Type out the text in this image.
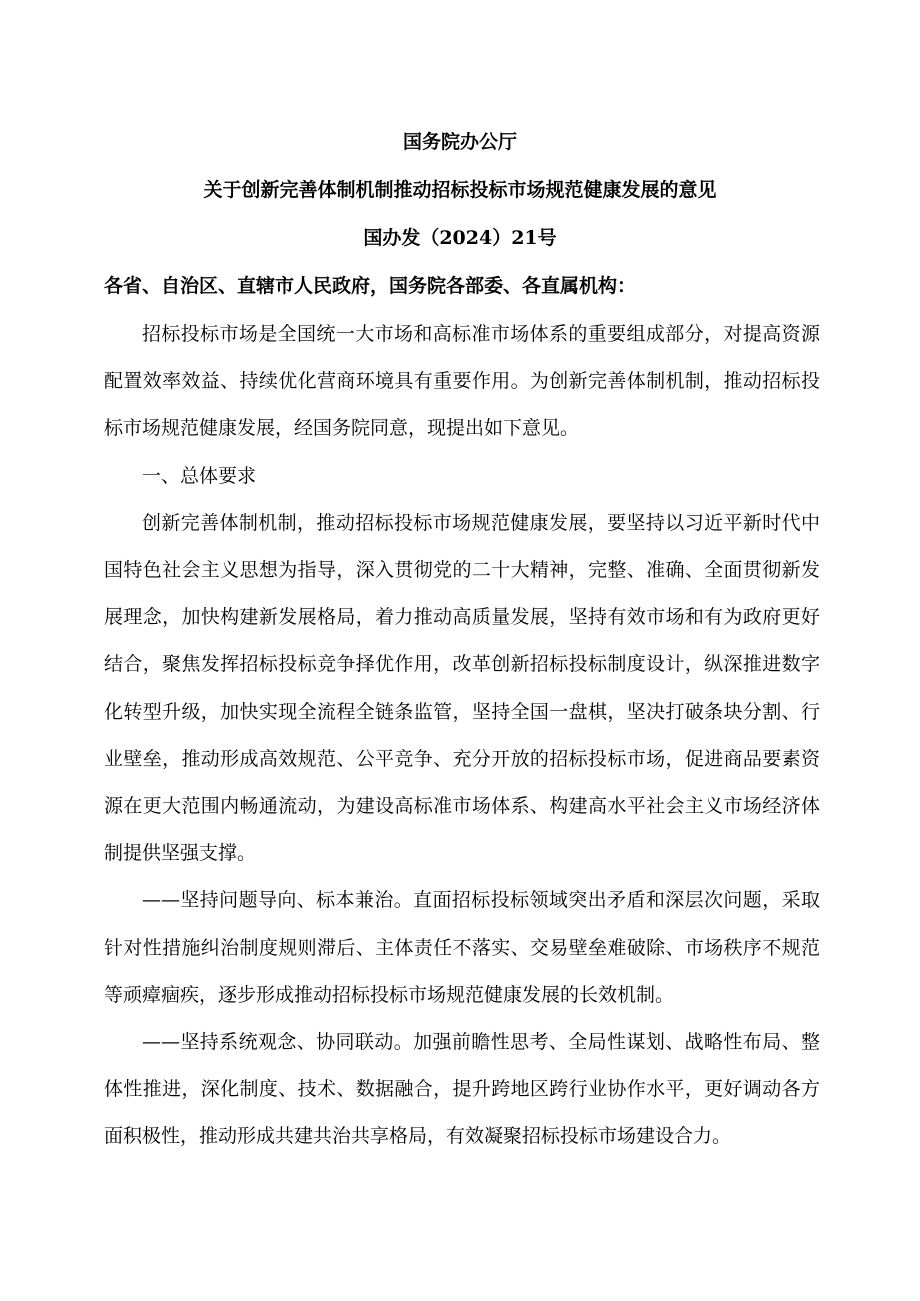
国务院办公厅
关于创新完善体制机制推动招标投标市场规范健康发展的意见
国办发（2024）21号
各省、自治区、直辖市人民政府，国务院各部委、各直属机构：

招标投标市场是全国统一大市场和高标准市场体系的重要组成部分，对提高资源配置效率效益、持续优化营商环境具有重要作用。为创新完善体制机制，推动招标投标市场规范健康发展，经国务院同意，现提出如下意见。

一、总体要求

创新完善体制机制，推动招标投标市场规范健康发展，要坚持以习近平新时代中国特色社会主义思想为指导，深入贯彻党的二十大精神，完整、准确、全面贯彻新发展理念，加快构建新发展格局，着力推动高质量发展，坚持有效市场和有为政府更好结合，聚焦发挥招标投标竞争择优作用，改革创新招标投标制度设计，纵深推进数字化转型升级，加快实现全流程全链条监管，坚持全国一盘棋，坚决打破条块分割、行业壁垒，推动形成高效规范、公平竞争、充分开放的招标投标市场，促进商品要素资源在更大范围内畅通流动，为建设高标准市场体系、构建高水平社会主义市场经济体制提供坚强支撑。

——坚持问题导向、标本兼治。直面招标投标领域突出矛盾和深层次问题，采取针对性措施纠治制度规则滞后、主体责任不落实、交易壁垒难破除、市场秩序不规范等顽瘴痼疾，逐步形成推动招标投标市场规范健康发展的长效机制。

——坚持系统观念、协同联动。加强前瞻性思考、全局性谋划、战略性布局、整体性推进，深化制度、技术、数据融合，提升跨地区跨行业协作水平，更好调动各方面积极性，推动形成共建共治共享格局，有效凝聚招标投标市场建设合力。
